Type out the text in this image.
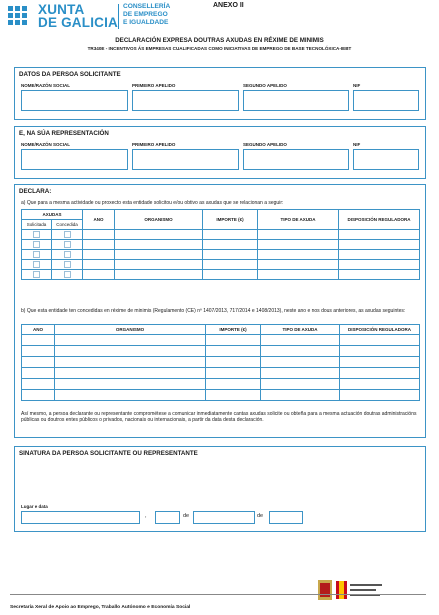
XUNTA
DE GALICIA
CONSELLERÍA
DE EMPREGO
E IGUALDADE
ANEXO II
DECLARACIÓN EXPRESA DOUTRAS AXUDAS EN RÉXIME DE MINIMIS
TR340E - INCENTIVOS ÁS EMPRESAS CUALIFICADAS COMO INICIATIVAS DE EMPREGO DE BASE TECNOLÓXICA-IEBT
DATOS DA PERSOA SOLICITANTE
NOME/RAZÓN SOCIAL	PRIMEIRO APELIDO	SEGUNDO APELIDO	NIF
E, NA SÚA REPRESENTACIÓN
NOME/RAZÓN SOCIAL	PRIMEIRO APELIDO	SEGUNDO APELIDO	NIF
DECLARA:
a) Que para a mesma actividade ou proxecto esta entidade solicitou e/ou obtivo as axudas que se relacionan a seguir:
AXUDAS		ANO	ORGANISMO	IMPORTE (€)	TIPO DE AXUDA	DISPOSICIÓN REGULADORA
Solicitada	Concedida					

b) Que esta entidade ten concedidas en réxime de minimis (Regulamento (CE) nº 1407/2013, 717/2014 e 1408/2013), neste ano e nos dous anteriores, as axudas seguintes:
ANO	ORGANISMO	IMPORTE (€)	TIPO DE AXUDA	DISPOSICIÓN REGULADORA

Así mesmo, a persoa declarante ou representante comprométese a comunicar inmediatamente cantas axudas solicite ou obteña para a mesma actuación doutras administracións públicas ou doutros entes públicos o privados, nacionais ou internacionais, a partir da data desta declaración.
SINATURA DA PERSOA SOLICITANTE OU REPRESENTANTE
Lugar e data
,	de	de
Secretaría Xeral de Apoio ao Emprego, Traballo Autónomo e Economía Social
